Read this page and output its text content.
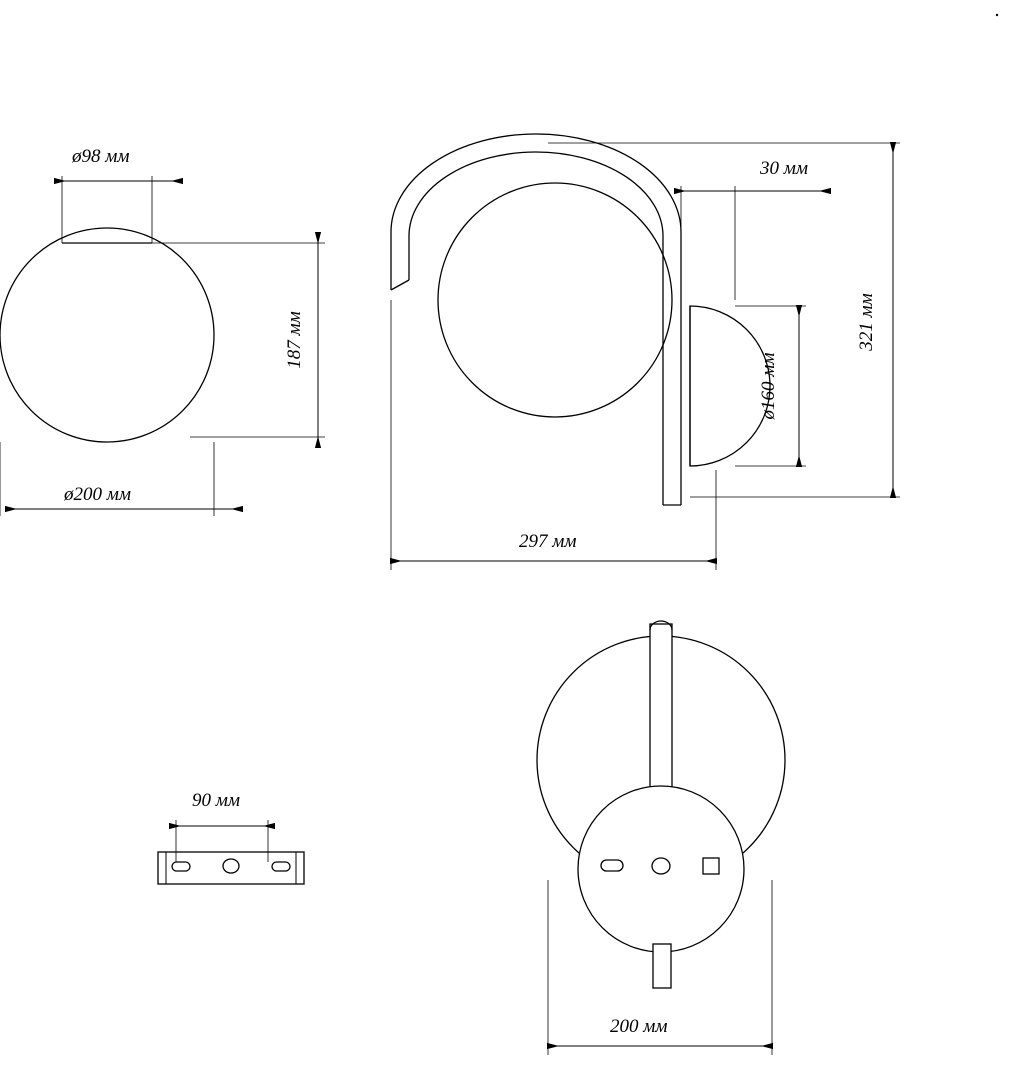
ø98 мм
187 мм
ø200 мм
30 мм
ø160 мм
321 мм
297 мм
90 мм
200 мм
